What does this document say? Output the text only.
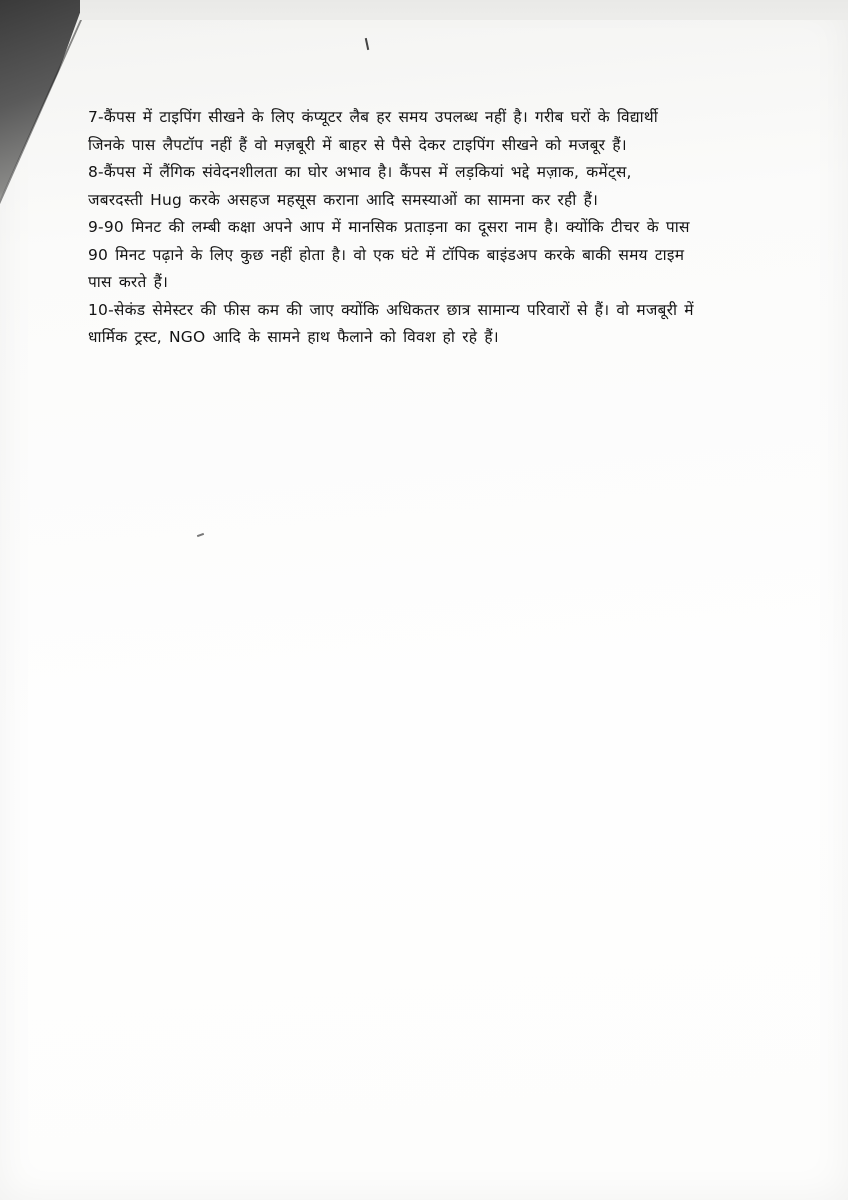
7-कैंपस में टाइपिंग सीखने के लिए कंप्यूटर लैब हर समय उपलब्ध नहीं है। गरीब घरों के विद्यार्थी
जिनके पास लैपटॉप नहीं हैं वो मज़बूरी में बाहर से पैसे देकर टाइपिंग सीखने को मजबूर हैं।
8-कैंपस में लैंगिक संवेदनशीलता का घोर अभाव है। कैंपस में लड़कियां भद्दे मज़ाक, कमेंट्स,
जबरदस्ती Hug करके असहज महसूस कराना आदि समस्याओं का सामना कर रही हैं।
9-90 मिनट की लम्बी कक्षा अपने आप में मानसिक प्रताड़ना का दूसरा नाम है। क्योंकि टीचर के पास
90 मिनट पढ़ाने के लिए कुछ नहीं होता है। वो एक घंटे में टॉपिक बाइंडअप करके बाकी समय टाइम
पास करते हैं।
10-सेकंड सेमेस्टर की फीस कम की जाए क्योंकि अधिकतर छात्र सामान्य परिवारों से हैं। वो मजबूरी में
धार्मिक ट्रस्ट, NGO आदि के सामने हाथ फैलाने को विवश हो रहे हैं।
